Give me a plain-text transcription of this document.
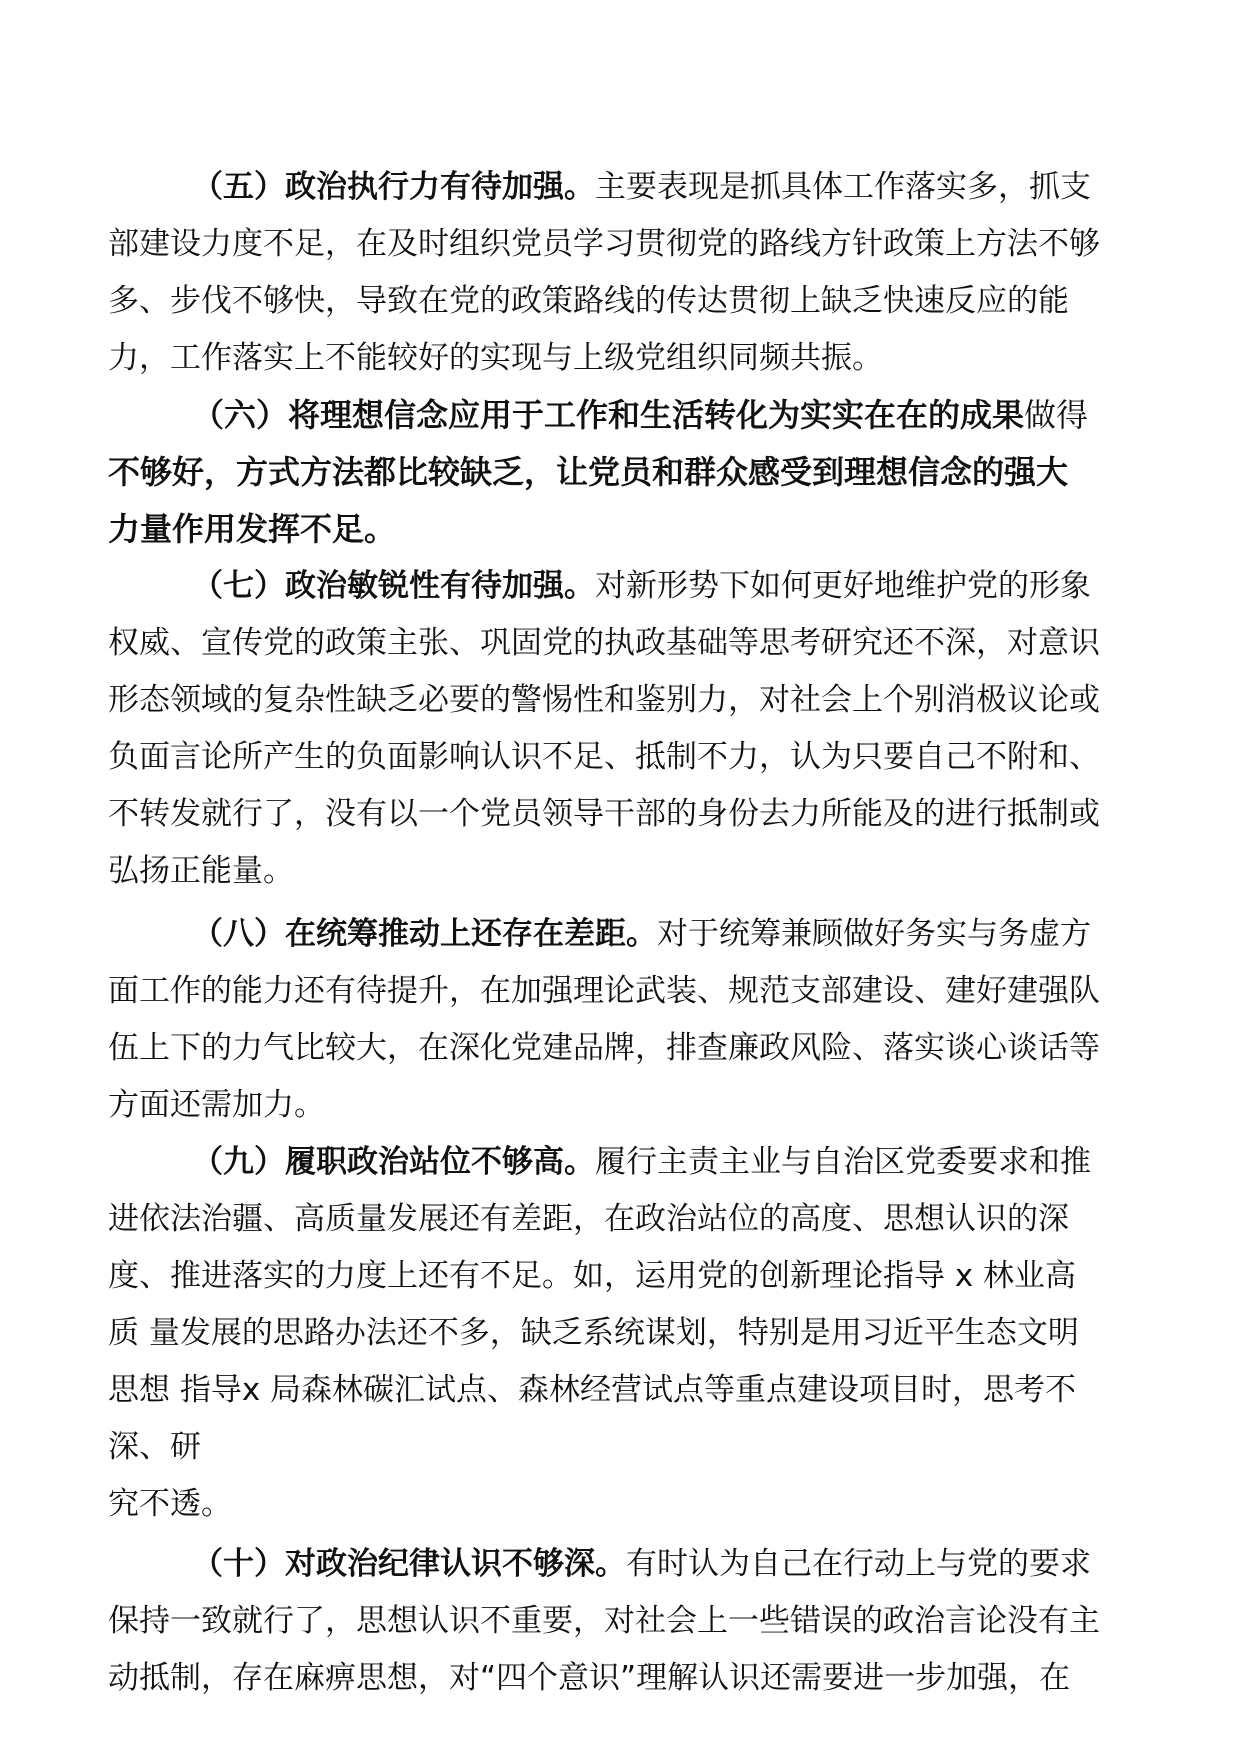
（五）政治执行力有待加强。主要表现是抓具体工作落实多，抓支
部建设力度不足，在及时组织党员学习贯彻党的路线方针政策上方法不够
多、步伐不够快，导致在党的政策路线的传达贯彻上缺乏快速反应的能
力，工作落实上不能较好的实现与上级党组织同频共振。
（六）将理想信念应用于工作和生活转化为实实在在的成果做得
不够好，方式方法都比较缺乏，让党员和群众感受到理想信念的强大
力量作用发挥不足。
（七）政治敏锐性有待加强。对新形势下如何更好地维护党的形象
权威、宣传党的政策主张、巩固党的执政基础等思考研究还不深，对意识
形态领域的复杂性缺乏必要的警惕性和鉴别力，对社会上个别消极议论或
负面言论所产生的负面影响认识不足、抵制不力，认为只要自己不附和、
不转发就行了，没有以一个党员领导干部的身份去力所能及的进行抵制或
弘扬正能量。
（八）在统筹推动上还存在差距。对于统筹兼顾做好务实与务虚方
面工作的能力还有待提升，在加强理论武装、规范支部建设、建好建强队
伍上下的力气比较大，在深化党建品牌，排查廉政风险、落实谈心谈话等
方面还需加力。
（九）履职政治站位不够高。履行主责主业与自治区党委要求和推
进依法治疆、高质量发展还有差距，在政治站位的高度、思想认识的深
度、推进落实的力度上还有不足。如，运用党的创新理论指导 x 林业高
质 量发展的思路办法还不多，缺乏系统谋划，特别是用习近平生态文明
思想 指导x 局森林碳汇试点、森林经营试点等重点建设项目时，思考不
深、研
究不透。
（十）对政治纪律认识不够深。有时认为自己在行动上与党的要求
保持一致就行了，思想认识不重要，对社会上一些错误的政治言论没有主
动抵制，存在麻痹思想，对“四个意识”理解认识还需要进一步加强，在
